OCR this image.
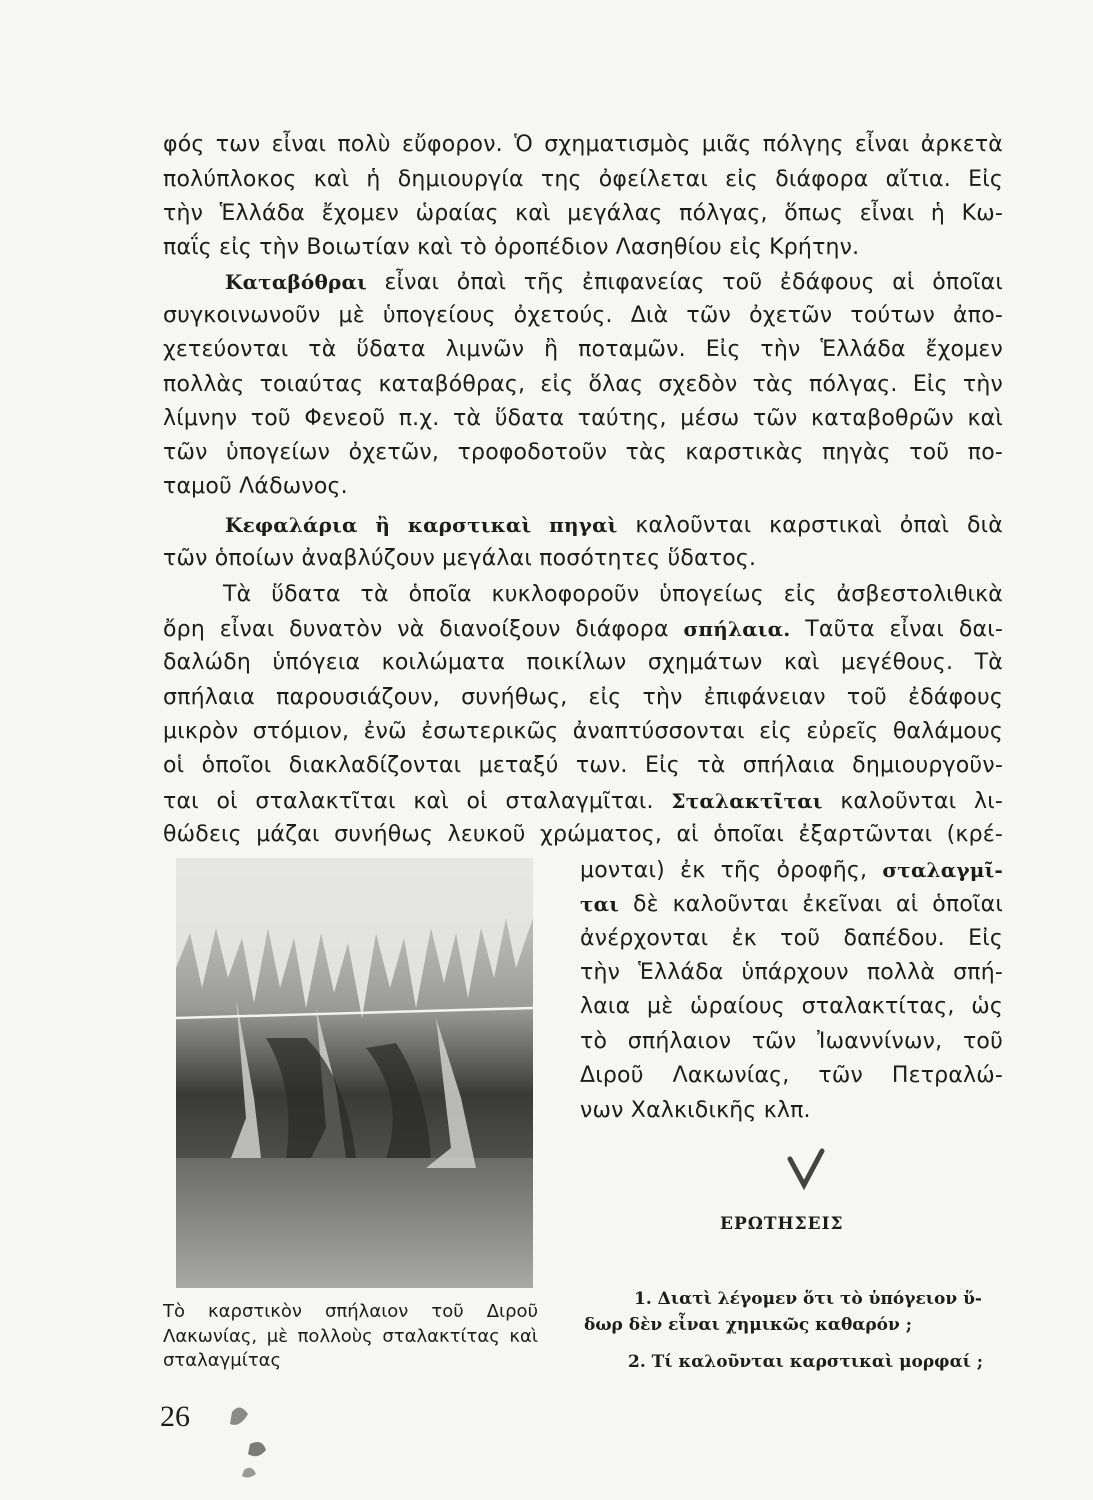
φός των εἶναι πολὺ εὔφορον. Ὁ σχηματισμὸς μιᾶς πόλγης εἶναι ἀρκετὰ
πολύπλοκος καὶ ἡ δημιουργία της ὀφείλεται εἰς διάφορα αἴτια. Εἰς
τὴν Ἑλλάδα ἔχομεν ὡραίας καὶ μεγάλας πόλγας, ὅπως εἶναι ἡ Κω-
παΐς εἰς τὴν Βοιωτίαν καὶ τὸ ὀροπέδιον Λασηθίου εἰς Κρήτην.
Καταβόθραι εἶναι ὀπαὶ τῆς ἐπιφανείας τοῦ ἐδάφους αἱ ὁποῖαι
συγκοινωνοῦν μὲ ὑπογείους ὀχετούς. Διὰ τῶν ὀχετῶν τούτων ἀπο-
χετεύονται τὰ ὕδατα λιμνῶν ἢ ποταμῶν. Εἰς τὴν Ἑλλάδα ἔχομεν
πολλὰς τοιαύτας καταβόθρας, εἰς ὅλας σχεδὸν τὰς πόλγας. Εἰς τὴν
λίμνην τοῦ Φενεοῦ π.χ. τὰ ὕδατα ταύτης, μέσω τῶν καταβοθρῶν καὶ
τῶν ὑπογείων ὀχετῶν, τροφοδοτοῦν τὰς καρστικὰς πηγὰς τοῦ πο-
ταμοῦ Λάδωνος.
Κεφαλάρια ἢ καρστικαὶ πηγαὶ καλοῦνται καρστικαὶ ὀπαὶ διὰ
τῶν ὁποίων ἀναβλύζουν μεγάλαι ποσότητες ὕδατος.
Τὰ ὕδατα τὰ ὁποῖα κυκλοφοροῦν ὑπογείως εἰς ἀσβεστολιθικὰ
ὄρη εἶναι δυνατὸν νὰ διανοίξουν διάφορα σπήλαια. Ταῦτα εἶναι δαι-
δαλώδη ὑπόγεια κοιλώματα ποικίλων σχημάτων καὶ μεγέθους. Τὰ
σπήλαια παρουσιάζουν, συνήθως, εἰς τὴν ἐπιφάνειαν τοῦ ἐδάφους
μικρὸν στόμιον, ἐνῶ ἐσωτερικῶς ἀναπτύσσονται εἰς εὐρεῖς θαλάμους
οἱ ὁποῖοι διακλαδίζονται μεταξύ των. Εἰς τὰ σπήλαια δημιουργοῦν-
ται οἱ σταλακτῖται καὶ οἱ σταλαγμῖται. Σταλακτῖται καλοῦνται λι-
θώδεις μάζαι συνήθως λευκοῦ χρώματος, αἱ ὁποῖαι ἐξαρτῶνται (κρέ-
μονται) ἐκ τῆς ὀροφῆς, σταλαγμῖ-
ται δὲ καλοῦνται ἐκεῖναι αἱ ὁποῖαι
ἀνέρχονται ἐκ τοῦ δαπέδου. Εἰς
τὴν Ἑλλάδα ὑπάρχουν πολλὰ σπή-
λαια μὲ ὡραίους σταλακτίτας, ὡς
τὸ σπήλαιον τῶν Ἰωαννίνων, τοῦ
Διροῦ Λακωνίας, τῶν Πετραλώ-
νων Χαλκιδικῆς κλπ.
Τὸ καρστικὸν σπήλαιον τοῦ Διροῦ
Λακωνίας, μὲ πολλοὺς σταλακτίτας καὶ
σταλαγμίτας
ΕΡΩΤΗΣΕΙΣ
1. Διατὶ λέγομεν ὅτι τὸ ὑπόγειον ὕ-
δωρ δὲν εἶναι χημικῶς καθαρόν ;
2. Τί καλοῦνται καρστικαὶ μορφαί ;
26
